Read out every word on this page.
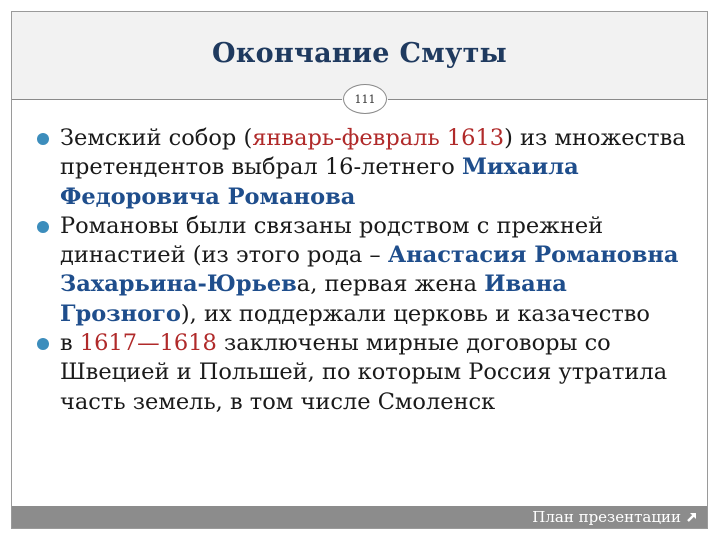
Окончание Смуты
111
Земский собор (январь-февраль 1613) из множества претендентов выбрал 16-летнего Михаила Федоровича Романова
Романовы были связаны родством с прежней династией (из этого рода – Анастасия Романовна Захарьина-Юрьева, первая жена Ивана Грозного), их поддержали церковь и казачество
в 1617—1618 заключены мирные договоры со Швецией и Польшей, по которым Россия утратила часть земель, в том числе Смоленск
План презентации
